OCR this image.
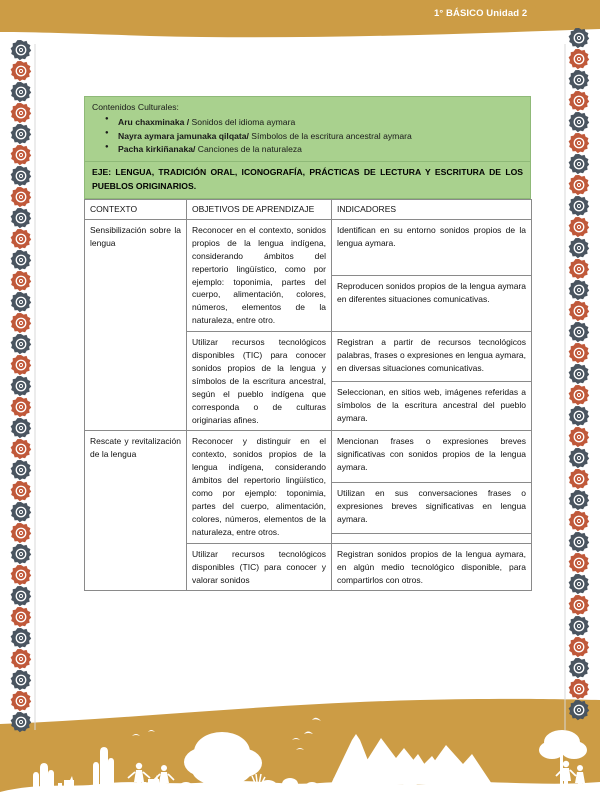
1° BÁSICO Unidad 2
Contenidos Culturales:
● Aru chaxminaka / Sonidos del idioma aymara
● Nayra aymara jamunaka qilqata/ Símbolos de la escritura ancestral aymara
● Pacha kirkiñanaka/ Canciones de la naturaleza
EJE: LENGUA, TRADICIÓN ORAL, ICONOGRAFÍA, PRÁCTICAS DE LECTURA Y ESCRITURA DE LOS PUEBLOS ORIGINARIOS.
CONTEXTO	OBJETIVOS DE APRENDIZAJE	INDICADORES
Sensibilización sobre la lengua	Reconocer en el contexto, sonidos propios de la lengua indígena, considerando ámbitos del repertorio lingüístico, como por ejemplo: toponimia, partes del cuerpo, alimentación, colores, números, elementos de la naturaleza, entre otro.	Identifican en su entorno sonidos propios de la lengua aymara.
		Reproducen sonidos propios de la lengua aymara en diferentes situaciones comunicativas.
	Utilizar recursos tecnológicos disponibles (TIC) para conocer sonidos propios de la lengua y símbolos de la escritura ancestral, según el pueblo indígena que corresponda o de culturas originarias afines.	Registran a partir de recursos tecnológicos palabras, frases o expresiones en lengua aymara, en diversas situaciones comunicativas.
		Seleccionan, en sitios web, imágenes referidas a símbolos de la escritura ancestral del pueblo aymara.
Rescate y revitalización de la lengua	Reconocer y distinguir en el contexto, sonidos propios de la lengua indígena, considerando ámbitos del repertorio lingüístico, como por ejemplo: toponimia, partes del cuerpo, alimentación, colores, números, elementos de la naturaleza, entre otros.	Mencionan frases o expresiones breves significativas con sonidos propios de la lengua aymara.
		Utilizan en sus conversaciones frases o expresiones breves significativas en lengua aymara.

	Utilizar recursos tecnológicos disponibles (TIC) para conocer y valorar sonidos	Registran sonidos propios de la lengua aymara, en algún medio tecnológico disponible, para compartirlos con otros.
